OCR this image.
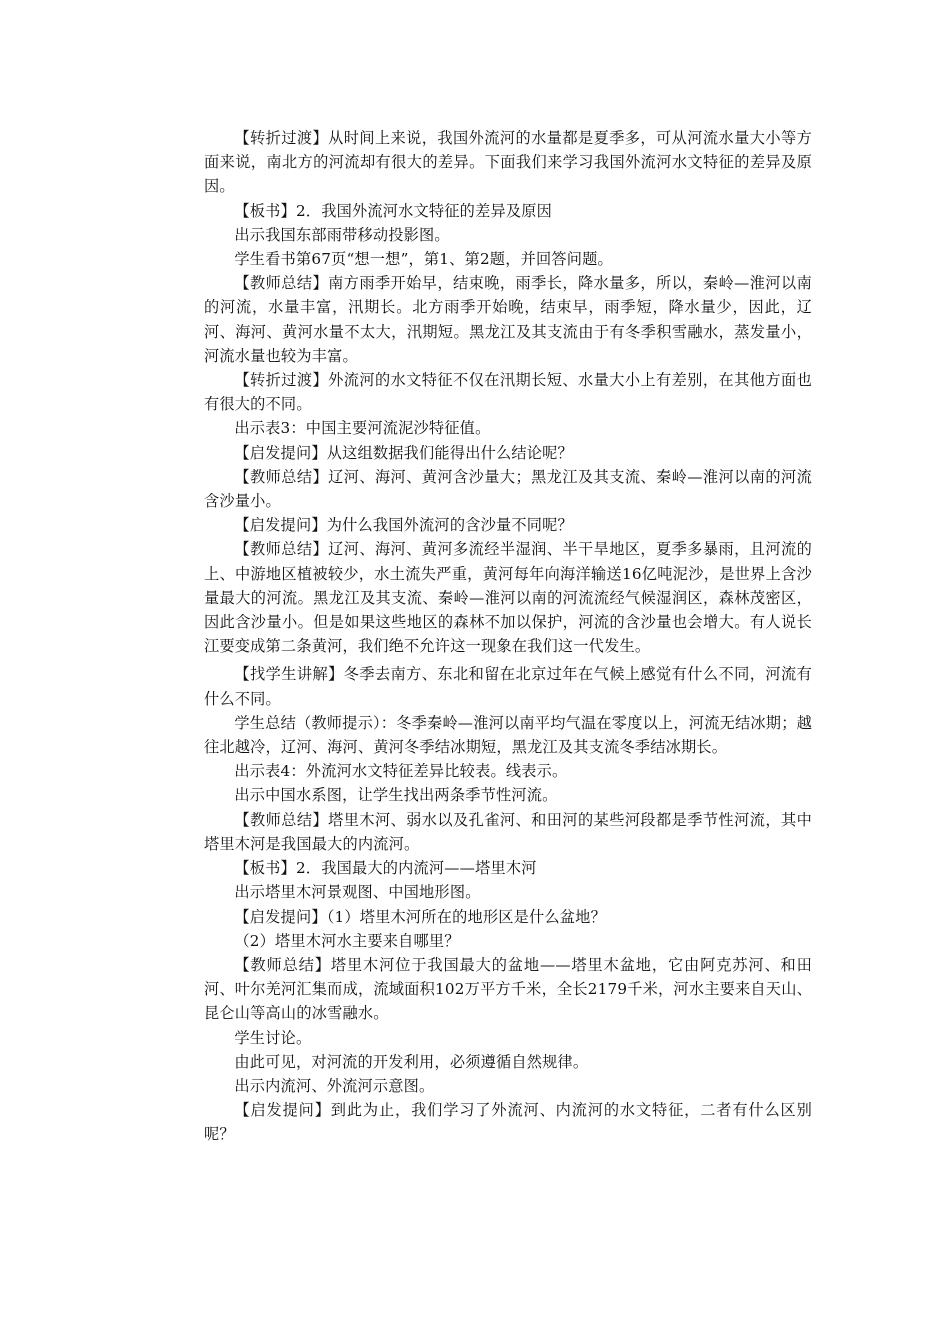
【转折过渡】从时间上来说，我国外流河的水量都是夏季多，可从河流水量大小等方面来说，南北方的河流却有很大的差异。下面我们来学习我国外流河水文特征的差异及原因。

【板书】2．我国外流河水文特征的差异及原因

出示我国东部雨带移动投影图。

学生看书第67页“想一想”，第1、第2题，并回答问题。

【教师总结】南方雨季开始早，结束晚，雨季长，降水量多，所以，秦岭—淮河以南的河流，水量丰富，汛期长。北方雨季开始晚，结束早，雨季短，降水量少，因此，辽河、海河、黄河水量不太大，汛期短。黑龙江及其支流由于有冬季积雪融水，蒸发量小，河流水量也较为丰富。

【转折过渡】外流河的水文特征不仅在汛期长短、水量大小上有差别，在其他方面也有很大的不同。

出示表3：中国主要河流泥沙特征值。

【启发提问】从这组数据我们能得出什么结论呢？

【教师总结】辽河、海河、黄河含沙量大；黑龙江及其支流、秦岭—淮河以南的河流含沙量小。

【启发提问】为什么我国外流河的含沙量不同呢？

【教师总结】辽河、海河、黄河多流经半湿润、半干旱地区，夏季多暴雨，且河流的上、中游地区植被较少，水土流失严重，黄河每年向海洋输送16亿吨泥沙，是世界上含沙量最大的河流。黑龙江及其支流、秦岭—淮河以南的河流流经气候湿润区，森林茂密区，因此含沙量小。但是如果这些地区的森林不加以保护，河流的含沙量也会增大。有人说长江要变成第二条黄河，我们绝不允许这一现象在我们这一代发生。

【找学生讲解】冬季去南方、东北和留在北京过年在气候上感觉有什么不同，河流有什么不同。

学生总结（教师提示）：冬季秦岭—淮河以南平均气温在零度以上，河流无结冰期；越往北越冷，辽河、海河、黄河冬季结冰期短，黑龙江及其支流冬季结冰期长。

出示表4：外流河水文特征差异比较表。线表示。

出示中国水系图，让学生找出两条季节性河流。

【教师总结】塔里木河、弱水以及孔雀河、和田河的某些河段都是季节性河流，其中塔里木河是我国最大的内流河。

【板书】2．我国最大的内流河——塔里木河

出示塔里木河景观图、中国地形图。

【启发提问】（1）塔里木河所在的地形区是什么盆地？

（2）塔里木河水主要来自哪里？

【教师总结】塔里木河位于我国最大的盆地——塔里木盆地，它由阿克苏河、和田河、叶尔羌河汇集而成，流域面积102万平方千米，全长2179千米，河水主要来自天山、昆仑山等高山的冰雪融水。

学生讨论。

由此可见，对河流的开发利用，必须遵循自然规律。

出示内流河、外流河示意图。

【启发提问】到此为止，我们学习了外流河、内流河的水文特征，二者有什么区别呢？
